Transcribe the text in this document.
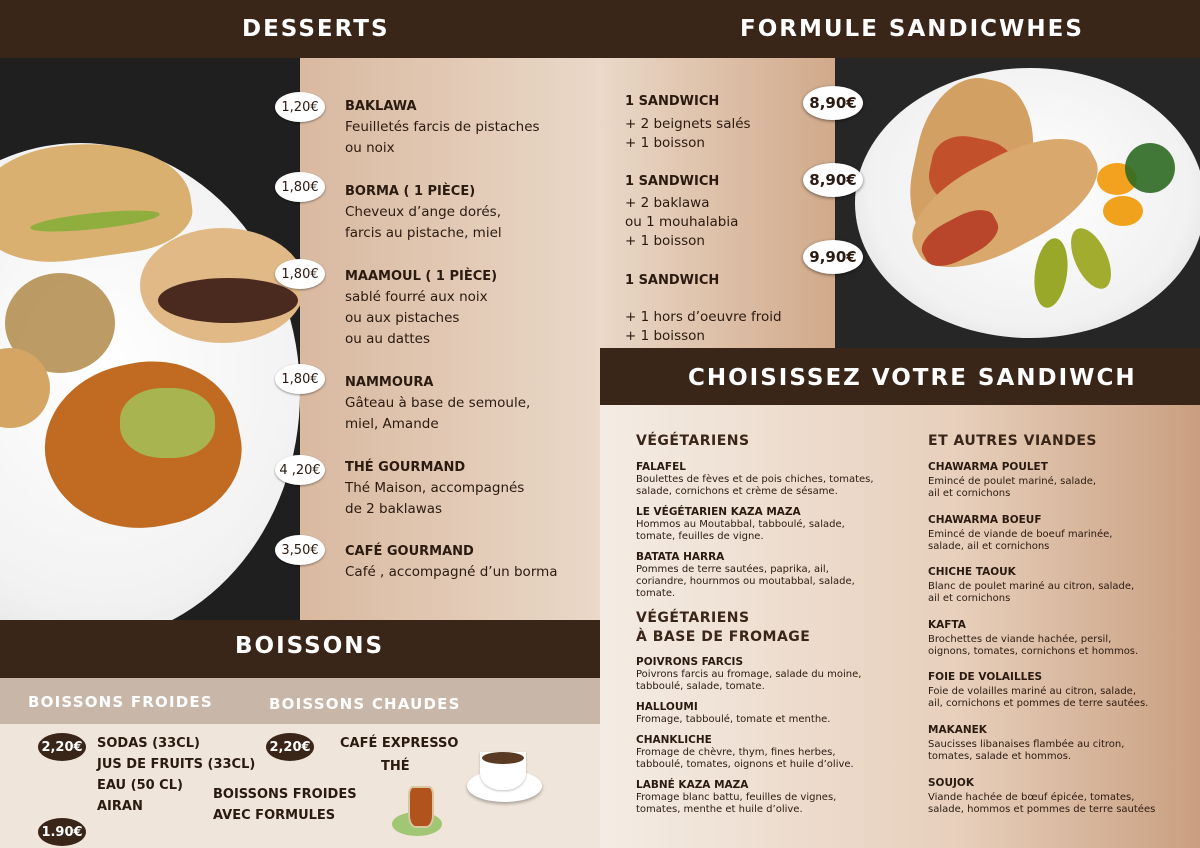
DESSERTS	FORMULE SANDICWHES
1,20€	BAKLAWA
Feuilletés farcis de pistaches
ou noix
1,80€	BORMA ( 1 PIÈCE)
Cheveux d’ange dorés,
farcis au pistache, miel
1,80€	MAAMOUL ( 1 PIÈCE)
sablé fourré aux noix
ou aux pistaches
ou au dattes
1,80€	NAMMOURA
Gâteau à base de semoule,
miel, Amande
4 ,20€	THÉ GOURMAND
Thé Maison, accompagnés
de 2 baklawas
3,50€	CAFÉ GOURMAND
Café , accompagné d’un borma
1 SANDWICH
+ 2 beignets salés
+ 1 boisson
8,90€
1 SANDWICH
+ 2 baklawa
ou 1 mouhalabia
+ 1 boisson
8,90€
1 SANDWICH
+ 1 hors d’oeuvre froid
+ 1 boisson
9,90€
CHOISISSEZ VOTRE SANDIWCH
VÉGÉTARIENS
FALAFEL
Boulettes de fèves et de pois chiches, tomates,
salade, cornichons et crème de sésame.
LE VÉGÉTARIEN KAZA MAZA
Hommos au Moutabbal, tabboulé, salade,
tomate, feuilles de vigne.
BATATA HARRA
Pommes de terre sautées, paprika, ail,
coriandre, hournmos ou moutabbal, salade,
tomate.
VÉGÉTARIENS
À BASE DE FROMAGE
POIVRONS FARCIS
Poivrons farcis au fromage, salade du moine,
tabboulé, salade, tomate.
HALLOUMI
Fromage, tabboulé, tomate et menthe.
CHANKLICHE
Fromage de chèvre, thym, fines herbes,
tabboulé, tomates, oignons et huile d’olive.
LABNÉ KAZA MAZA
Fromage blanc battu, feuilles de vignes,
tomates, menthe et huile d’olive.
ET AUTRES VIANDES
CHAWARMA POULET
Emincé de poulet mariné, salade,
ail et cornichons
CHAWARMA BOEUF
Emincé de viande de boeuf marinée,
salade, ail et cornichons
CHICHE TAOUK
Blanc de poulet mariné au citron, salade,
ail et cornichons
KAFTA
Brochettes de viande hachée, persil,
oignons, tomates, cornichons et hommos.
FOIE DE VOLAILLES
Foie de volailles mariné au citron, salade,
ail, cornichons et pommes de terre sautées.
MAKANEK
Saucisses libanaises flambée au citron,
tomates, salade et hommos.
SOUJOK
Viande hachée de bœuf épicée, tomates,
salade, hommos et pommes de terre sautées
BOISSONS
BOISSONS FROIDES	BOISSONS CHAUDES
2,20€ SODAS (33CL)
JUS DE FRUITS (33CL)
EAU (50 CL)
AIRAN
1.90€
BOISSONS FROIDES
AVEC FORMULES
2,20€ CAFÉ EXPRESSO
THÉ
